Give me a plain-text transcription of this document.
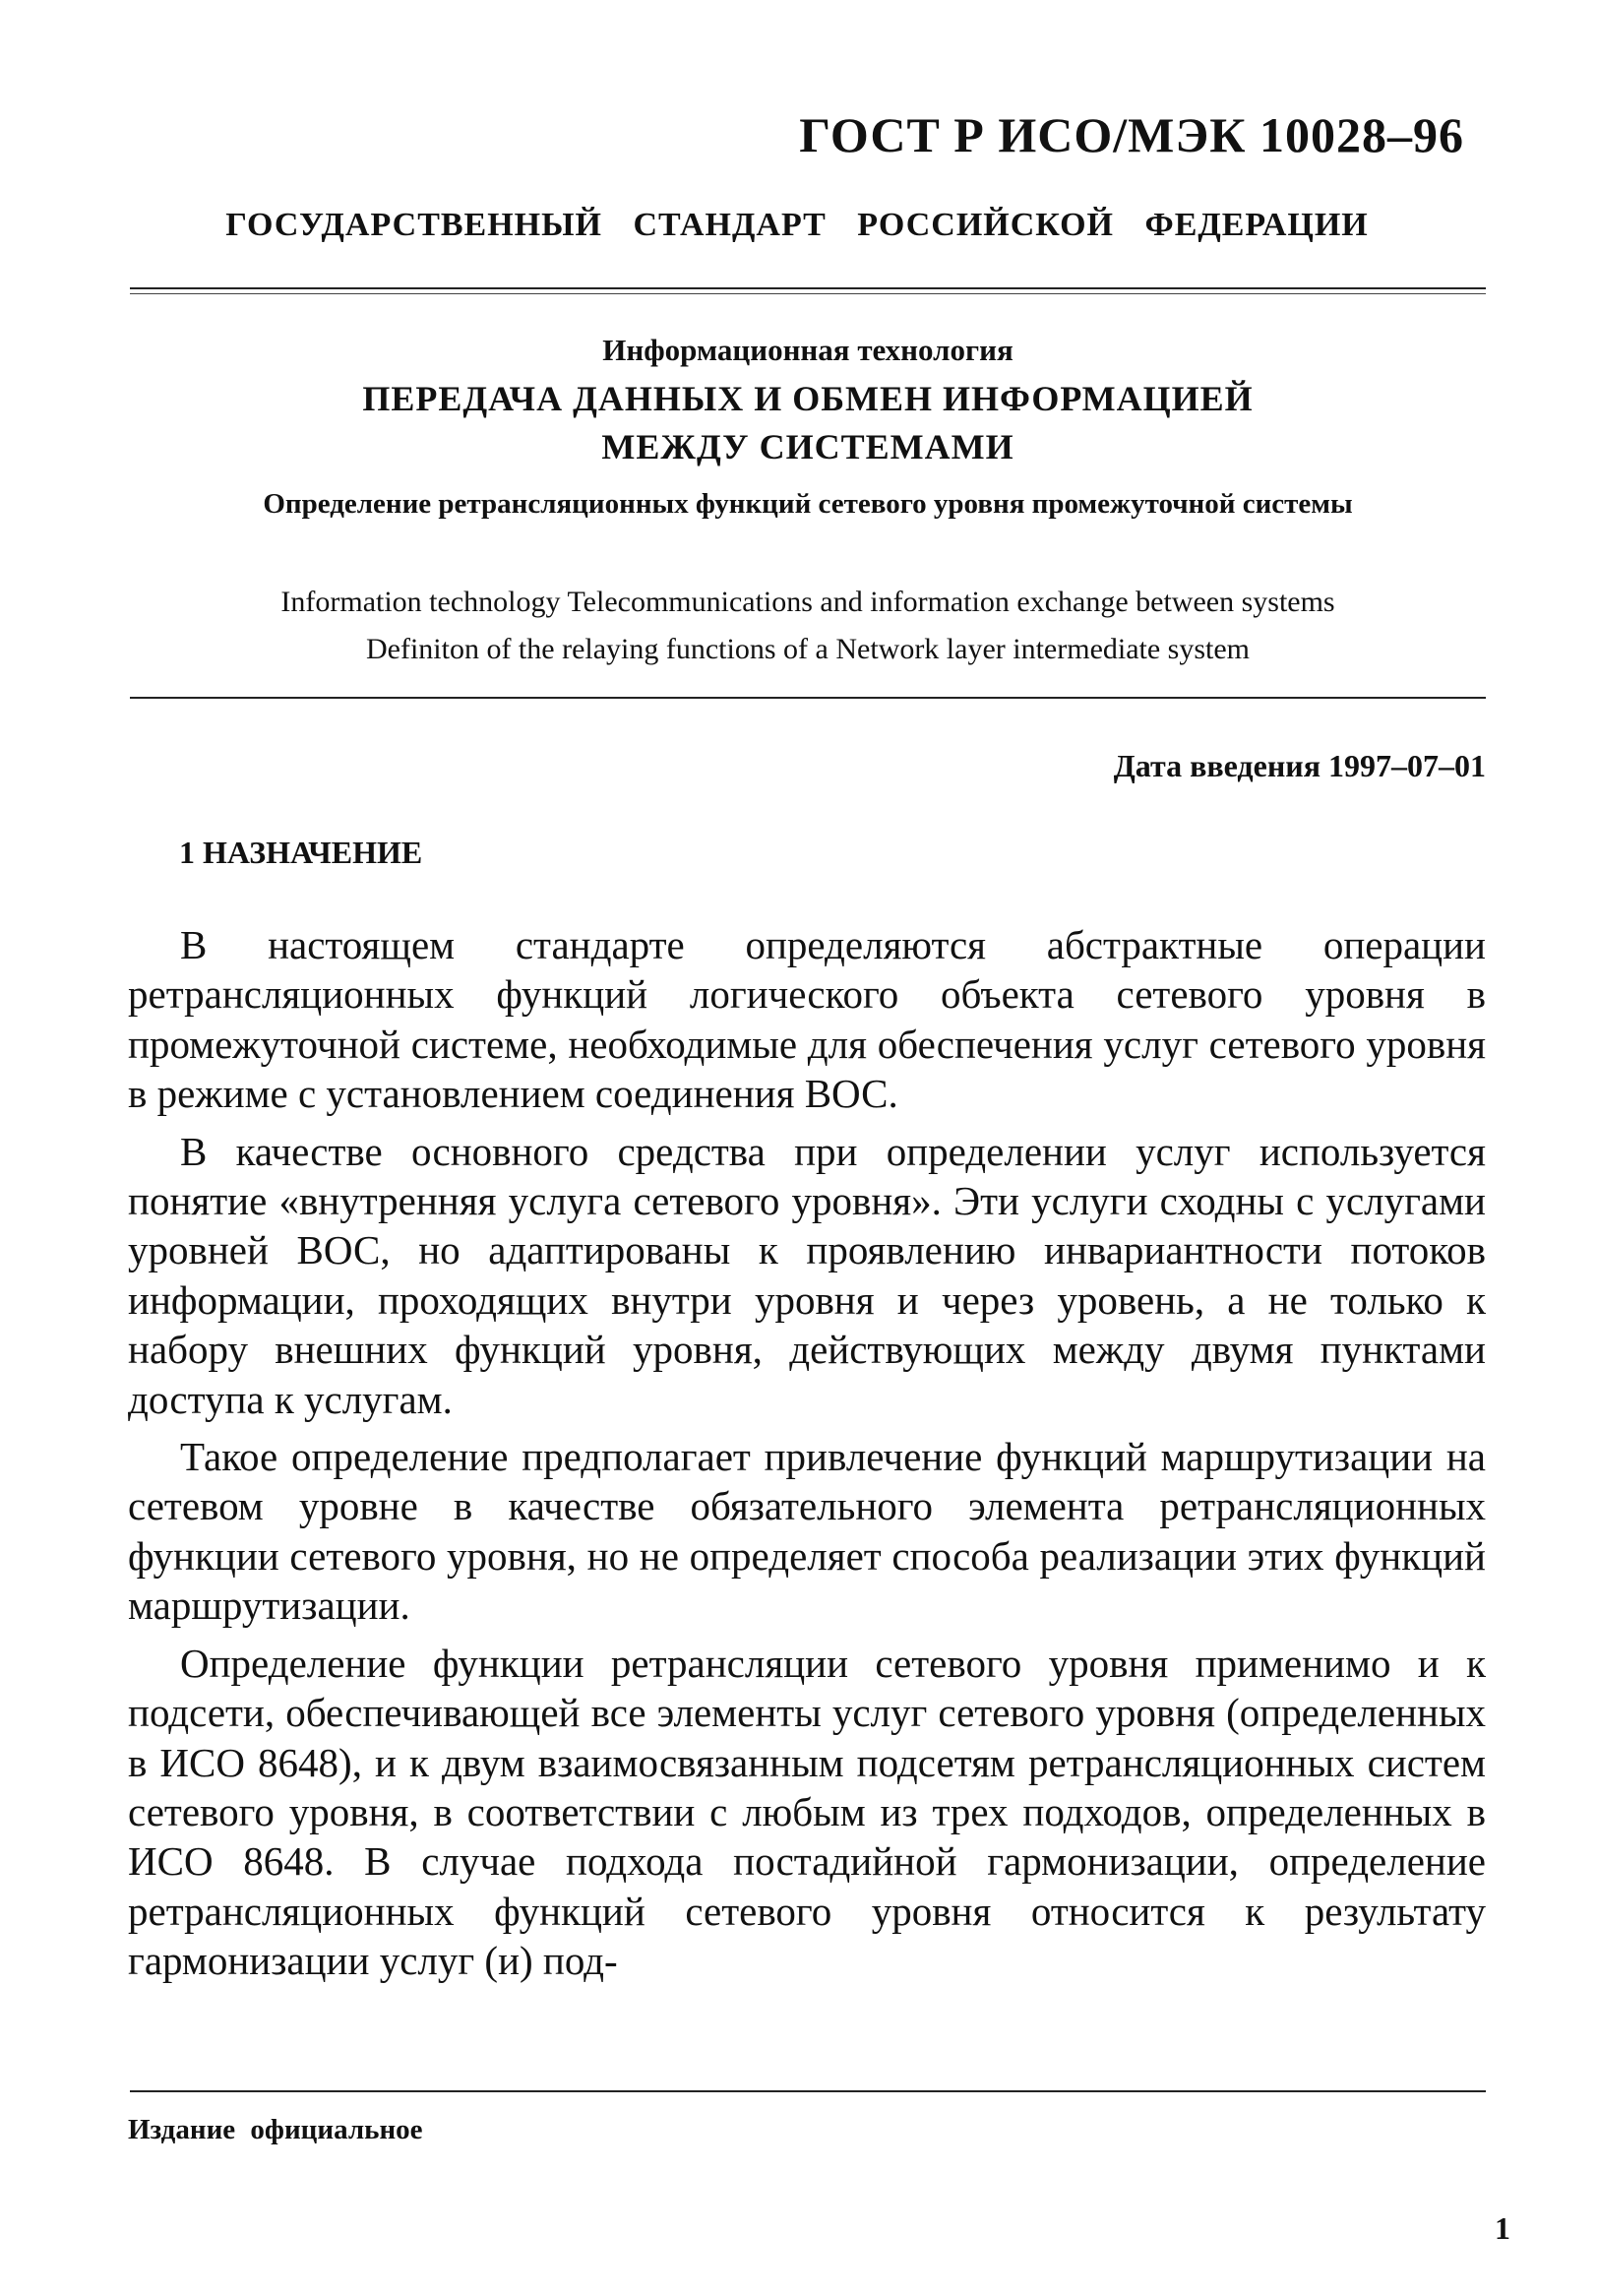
ГОСТ Р ИСО/МЭК 10028–96
ГОСУДАРСТВЕННЫЙ СТАНДАРТ РОССИЙСКОЙ ФЕДЕРАЦИИ
Информационная технология
ПЕРЕДАЧА ДАННЫХ И ОБМЕН ИНФОРМАЦИЕЙ
МЕЖДУ СИСТЕМАМИ
Определение ретрансляционных функций сетевого уровня промежуточной системы
Information technology Telecommunications and information exchange between systems
Definiton of the relaying functions of a Network layer intermediate system
Дата введения 1997–07–01
1 НАЗНАЧЕНИЕ

В настоящем стандарте определяются абстрактные операции ретрансляционных функций логического объекта сетевого уровня в промежуточной системе, необходимые для обеспечения услуг сетевого уровня в режиме с установлением соединения ВОС.

В качестве основного средства при определении услуг используется понятие «внутренняя услуга сетевого уровня». Эти услуги сходны с услугами уровней ВОС, но адаптированы к проявлению инвариантности потоков информации, проходящих внутри уровня и через уровень, а не только к набору внешних функций уровня, действующих между двумя пунктами доступа к услугам.

Такое определение предполагает привлечение функций маршрутизации на сетевом уровне в качестве обязательного элемента ретрансляционных функции сетевого уровня, но не определяет способа реализации этих функций маршрутизации.

Определение функции ретрансляции сетевого уровня применимо и к подсети, обеспечивающей все элементы услуг сетевого уровня (определенных в ИСО 8648), и к двум взаимосвязанным подсетям ретрансляционных систем сетевого уровня, в соответствии с любым из трех подходов, определенных в ИСО 8648. В случае подхода постадийной гармонизации, определение ретрансляционных функций сетевого уровня относится к результату гармонизации услуг (и) под-

Издание официальное
1
